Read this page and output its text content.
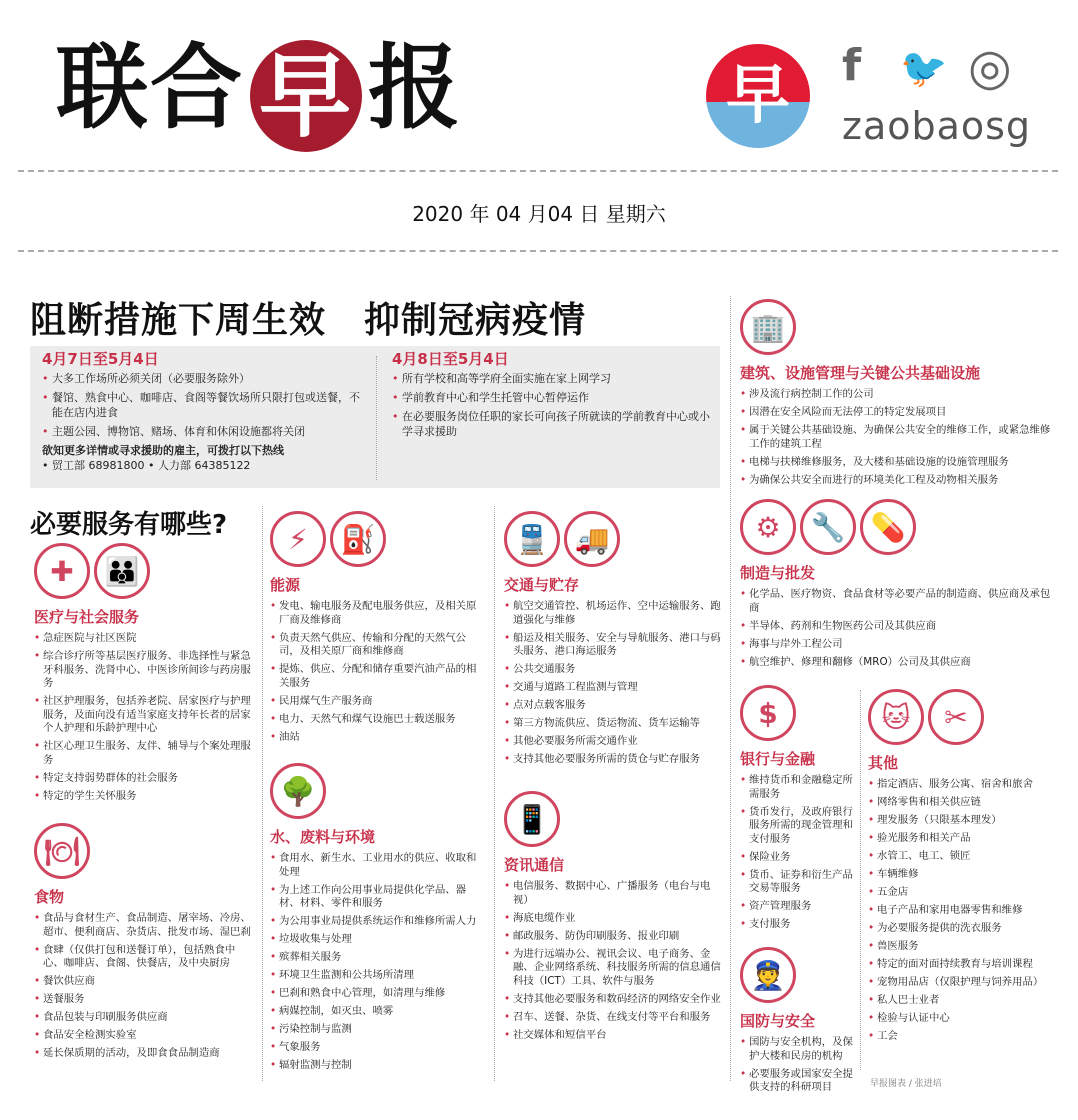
联合 早 报	早	f 🐦 ◎
zaobaosg
2020 年 04 月04 日 星期六
阻断措施下周生效 抑制冠病疫情
4月7日至5月4日
• 大多工作场所必须关闭（必要服务除外）
• 餐馆、熟食中心、咖啡店、食阁等餐饮场所只限打包或送餐，不能在店内进食
• 主题公园、博物馆、赌场、体育和休闲设施都将关闭
欲知更多详情或寻求援助的雇主，可拨打以下热线
• 贸工部 68981800 • 人力部 64385122
4月8日至5月4日
• 所有学校和高等学府全面实施在家上网学习
• 学前教育中心和学生托管中心暂停运作
• 在必要服务岗位任职的家长可向孩子所就读的学前教育中心或小学寻求援助
必要服务有哪些?
✚	👪
医疗与社会服务
• 急症医院与社区医院
• 综合诊疗所等基层医疗服务、非选择性与紧急牙科服务、洗肾中心、中医诊所间诊与药房服务
• 社区护理服务，包括养老院、居家医疗与护理服务，及面向没有适当家庭支持年长者的居家个人护理和乐龄护理中心
• 社区心理卫生服务、友伴、辅导与个案处理服务
• 特定支持弱势群体的社会服务
• 特定的学生关怀服务
🍽
食物
• 食品与食材生产、食品制造、屠宰场、冷房、超市、便利商店、杂货店、批发市场、湿巴刹
• 食肆（仅供打包和送餐订单），包括熟食中心、咖啡店、食阁、快餐店，及中央厨房
• 餐饮供应商
• 送餐服务
• 食品包装与印刷服务供应商
• 食品安全检测实验室
• 延长保质期的活动，及即食食品制造商
⚡	⛽
能源
• 发电、输电服务及配电服务供应，及相关原厂商及维修商
• 负责天然气供应、传输和分配的天然气公司，及相关原厂商和维修商
• 提炼、供应、分配和储存重要汽油产品的相关服务
• 民用煤气生产服务商
• 电力、天然气和煤气设施巴士载送服务
• 油站
🌳
水、废料与环境
• 食用水、新生水、工业用水的供应、收取和处理
• 为上述工作向公用事业局提供化学品、器材、材料、零件和服务
• 为公用事业局提供系统运作和维修所需人力
• 垃圾收集与处理
• 殡葬相关服务
• 环境卫生监测和公共场所清理
• 巴刹和熟食中心管理，如清理与维修
• 病媒控制，如灭虫、喷雾
• 污染控制与监测
• 气象服务
• 辐射监测与控制
🚆 🚚
交通与贮存
• 航空交通管控、机场运作、空中运输服务、跑道强化与维修
• 船运及相关服务、安全与导航服务、港口与码头服务、港口海运服务
• 公共交通服务
• 交通与道路工程监测与管理
• 点对点载客服务
• 第三方物流供应、货运物流、货车运输等
• 其他必要服务所需交通作业
• 支持其他必要服务所需的货仓与贮存服务
📱
资讯通信
• 电信服务、数据中心、广播服务（电台与电视）
• 海底电缆作业
• 邮政服务、防伪印刷服务、报业印刷
• 为进行远端办公、视讯会议、电子商务、金融、企业网络系统、科技服务所需的信息通信科技（ICT）工具、软件与服务
• 支持其他必要服务和数码经济的网络安全作业
• 召车、送餐、杂货、在线支付等平台和服务
• 社交媒体和短信平台
🏢
建筑、设施管理与关键公共基础设施
• 涉及流行病控制工作的公司
• 因潜在安全风险而无法停工的特定发展项目
• 属于关键公共基础设施、为确保公共安全的维修工作，或紧急维修工作的建筑工程
• 电梯与扶梯维修服务，及大楼和基础设施的设施管理服务
• 为确保公共安全而进行的环境美化工程及动物相关服务
⚙	🔧 💊
制造与批发
• 化学品、医疗物资、食品食材等必要产品的制造商、供应商及承包商
• 半导体、药剂和生物医药公司及其供应商
• 海事与岸外工程公司
• 航空维护、修理和翻修（MRO）公司及其供应商
$
银行与金融
• 维持货币和金融稳定所需服务
• 货币发行，及政府银行服务所需的现金管理和支付服务
• 保险业务
• 货币、证券和衍生产品交易等服务
• 资产管理服务
• 支付服务
👮
国防与安全
• 国防与安全机构，及保护大楼和民房的机构
• 必要服务或国家安全提供支持的科研项目
🐱	✂
其他
• 指定酒店、服务公寓、宿舍和旅舍
• 网络零售和相关供应链
• 理发服务（只限基本理发）
• 验光服务和相关产品
• 水管工、电工、锁匠
• 车辆维修
• 五金店
• 电子产品和家用电器零售和维修
• 为必要服务提供的洗衣服务
• 兽医服务
• 特定的面对面持续教育与培训课程
• 宠物用品店（仅限护理与饲养用品）
• 私人巴士业者
• 检验与认证中心
• 工会
早报图表 / 张进培
